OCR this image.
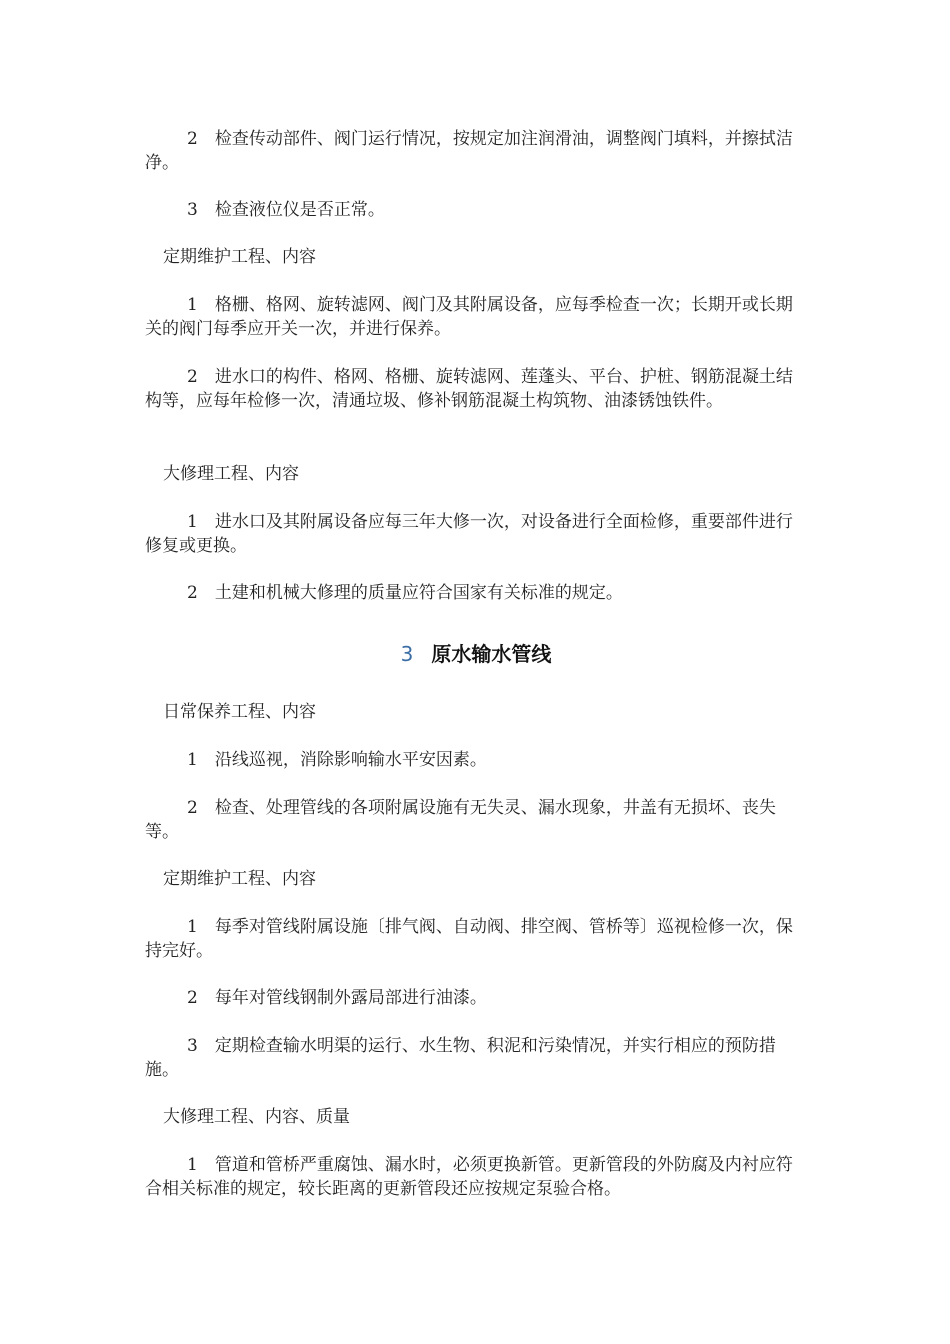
2　检查传动部件、阀门运行情况，按规定加注润滑油，调整阀门填料，并擦拭洁净。

3　检查液位仪是否正常。

定期维护工程、内容

1　格栅、格网、旋转滤网、阀门及其附属设备，应每季检查一次；长期开或长期关的阀门每季应开关一次，并进行保养。

2　进水口的构件、格网、格栅、旋转滤网、莲蓬头、平台、护桩、钢筋混凝土结构等，应每年检修一次，清通垃圾、修补钢筋混凝土构筑物、油漆锈蚀铁件。

大修理工程、内容

1　进水口及其附属设备应每三年大修一次，对设备进行全面检修，重要部件进行修复或更换。

2　土建和机械大修理的质量应符合国家有关标准的规定。

3 原水输水管线

日常保养工程、内容

1　沿线巡视，消除影响输水平安因素。

2　检查、处理管线的各项附属设施有无失灵、漏水现象，井盖有无损坏、丧失等。

定期维护工程、内容

1　每季对管线附属设施〔排气阀、自动阀、排空阀、管桥等〕巡视检修一次，保持完好。

2　每年对管线钢制外露局部进行油漆。

3　定期检查输水明渠的运行、水生物、积泥和污染情况，并实行相应的预防措施。

大修理工程、内容、质量

1　管道和管桥严重腐蚀、漏水时，必须更换新管。更新管段的外防腐及内衬应符合相关标准的规定，较长距离的更新管段还应按规定泵验合格。
